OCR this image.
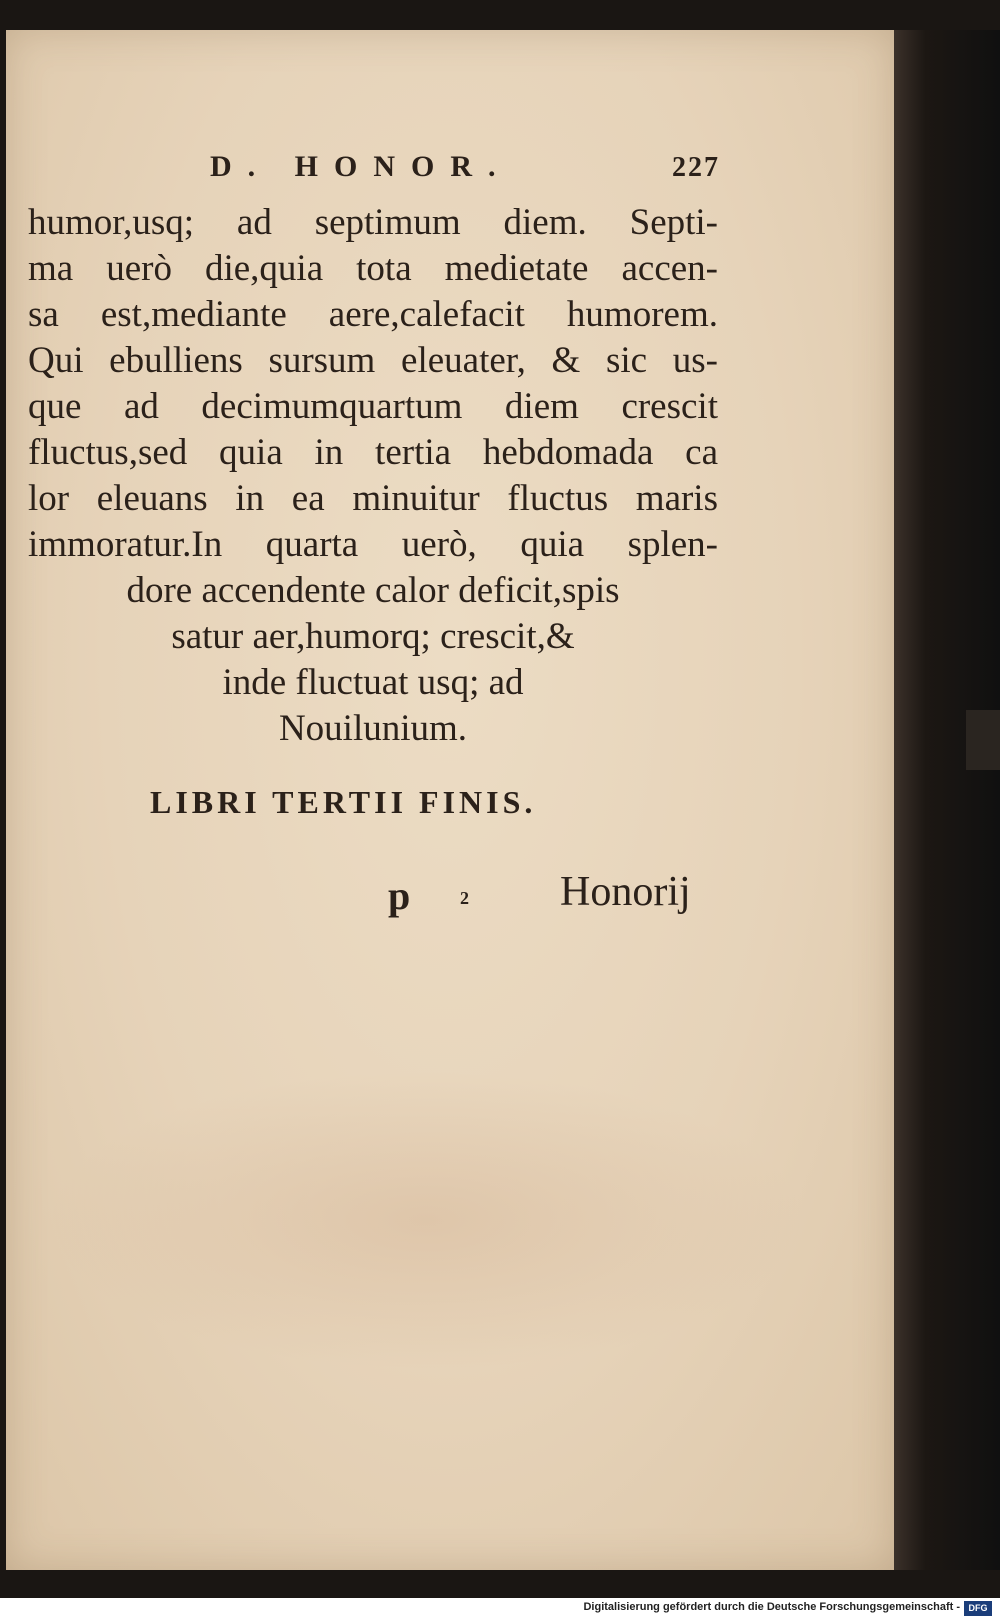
D. HONOR.	227
humor,usq; ad septimum diem. Septi-
ma uerò die,quia tota medietate accen-
sa est,mediante aere,calefacit humorem.
Qui ebulliens sursum eleuater, & sic us-
que ad decimumquartum diem crescit
fluctus,sed quia in tertia hebdomada ca
lor eleuans in ea minuitur fluctus maris
immoratur.In quarta uerò, quia splen-
dore accendente calor deficit,spis
satur aer,humorq; crescit,&
inde fluctuat usq; ad
Nouilunium.
LIBRI TERTII FINIS.
p	2 Honorij
Digitalisierung gefördert durch die Deutsche Forschungsgemeinschaft - DFG
